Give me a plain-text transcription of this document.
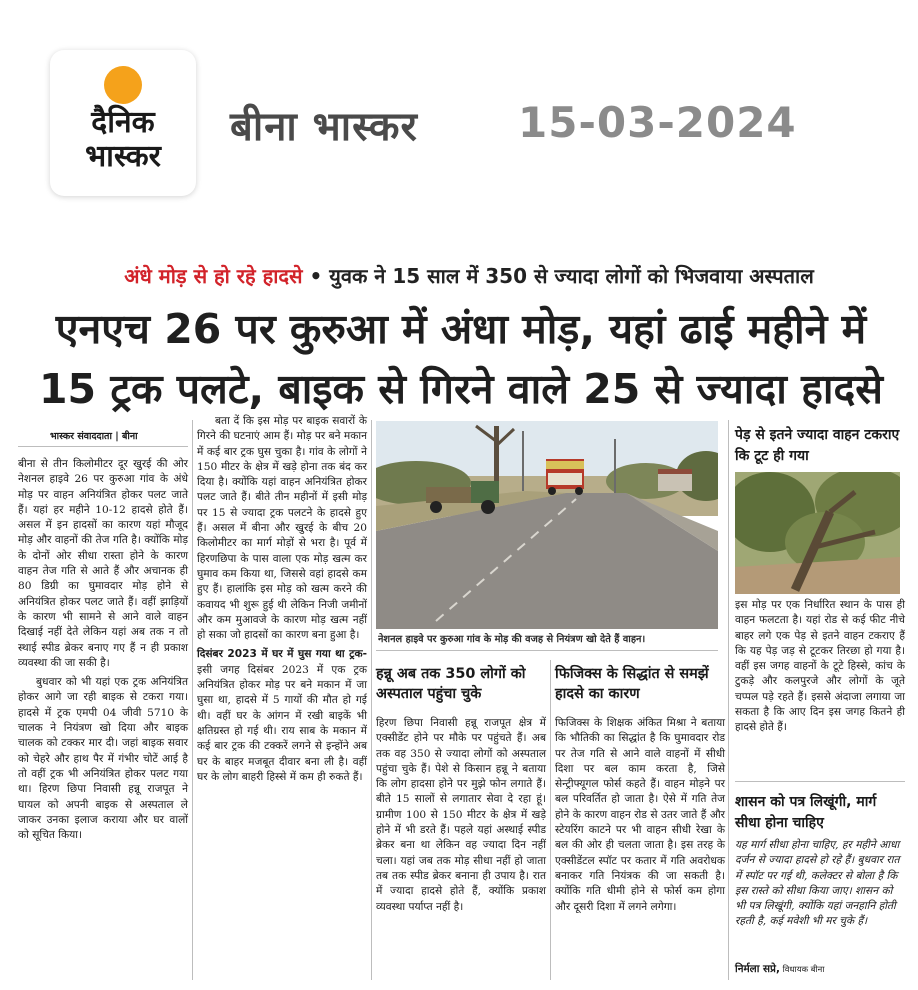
दैनिक
भास्कर
बीना भास्कर 15-03-2024
अंधे मोड़ से हो रहे हादसे • युवक ने 15 साल में 350 से ज्यादा लोगों को भिजवाया अस्पताल
एनएच 26 पर कुरुआ में अंधा मोड़, यहां ढाई महीने में
15 ट्रक पलटे, बाइक से गिरने वाले 25 से ज्यादा हादसे
भास्कर संवाददाता | बीना

बीना से तीन किलोमीटर दूर खुरई की ओर नेशनल हाइवे 26 पर कुरुआ गांव के अंधे मोड़ पर वाहन अनियंत्रित होकर पलट जाते हैं। यहां हर महीने 10-12 हादसे होते हैं। असल में इन हादसों का कारण यहां मौजूद मोड़ और वाहनों की तेज गति है। क्योंकि मोड़ के दोनों ओर सीधा रास्ता होने के कारण वाहन तेज गति से आते हैं और अचानक ही 80 डिग्री का घुमावदार मोड़ होने से अनियंत्रित होकर पलट जाते हैं। वहीं झाड़ियों के कारण भी सामने से आने वाले वाहन दिखाई नहीं देते लेकिन यहां अब तक न तो स्थाई स्पीड ब्रेकर बनाए गए हैं न ही प्रकाश व्यवस्था की जा सकी है।

बुधवार को भी यहां एक ट्रक अनियंत्रित होकर आगे जा रही बाइक से टकरा गया। हादसे में ट्रक एमपी 04 जीवी 5710 के चालक ने नियंत्रण खो दिया और बाइक चालक को टक्कर मार दी। जहां बाइक सवार को चेहरे और हाथ पैर में गंभीर चोटें आई है तो वहीं ट्रक भी अनियंत्रित होकर पलट गया था। हिरण छिपा निवासी हन्नू राजपूत ने घायल को अपनी बाइक से अस्पताल ले जाकर उनका इलाज कराया और घर वालों को सूचित किया।

बता दें कि इस मोड़ पर बाइक सवारों के गिरने की घटनाएं आम हैं। मोड़ पर बने मकान में कई बार ट्रक घुस चुका है। गांव के लोगों ने 150 मीटर के क्षेत्र में खड़े होना तक बंद कर दिया है। क्योंकि यहां वाहन अनियंत्रित होकर पलट जाते हैं। बीते तीन महीनों में इसी मोड़ पर 15 से ज्यादा ट्रक पलटने के हादसे हुए हैं। असल में बीना और खुरई के बीच 20 किलोमीटर का मार्ग मोड़ों से भरा है। पूर्व में हिरणछिपा के पास वाला एक मोड़ खत्म कर घुमाव कम किया था, जिससे वहां हादसे कम हुए हैं। हालांकि इस मोड़ को खत्म करने की कवायद भी शुरू हुई थी लेकिन निजी जमीनों और कम मुआवजे के कारण मोड़ खत्म नहीं हो सका जो हादसों का कारण बना हुआ है।

दिसंबर 2023 में घर में घुस गया था ट्रक- इसी जगह दिसंबर 2023 में एक ट्रक अनियंत्रित होकर मोड़ पर बने मकान में जा घुसा था, हादसे में 5 गायों की मौत हो गई थी। वहीं घर के आंगन में रखी बाइकें भी क्षतिग्रस्त हो गई थी। राय साब के मकान में कई बार ट्रक की टक्करें लगने से इन्होंने अब घर के बाहर मजबूत दीवार बना ली है। वहीं घर के लोग बाहरी हिस्से में कम ही रुकते हैं।

नेशनल हाइवे पर कुरुआ गांव के मोड़ की वजह से नियंत्रण खो देते हैं वाहन।
हन्नू अब तक 350 लोगों को अस्पताल पहुंचा चुके
हिरण छिपा निवासी हन्नू राजपूत क्षेत्र में एक्सीडेंट होने पर मौके पर पहुंचते हैं। अब तक वह 350 से ज्यादा लोगों को अस्पताल पहुंचा चुके हैं। पेशे से किसान हन्नू ने बताया कि लोग हादसा होने पर मुझे फोन लगाते हैं। बीते 15 सालों से लगातार सेवा दे रहा हूं। ग्रामीण 100 से 150 मीटर के क्षेत्र में खड़े होने में भी डरते हैं। पहले यहां अस्थाई स्पीड ब्रेकर बना था लेकिन वह ज्यादा दिन नहीं चला। यहां जब तक मोड़ सीधा नहीं हो जाता तब तक स्पीड ब्रेकर बनाना ही उपाय है। रात में ज्यादा हादसे होते हैं, क्योंकि प्रकाश व्यवस्था पर्याप्त नहीं है।
फिजिक्स के सिद्धांत से समझें हादसे का कारण
फिजिक्स के शिक्षक अंकित मिश्रा ने बताया कि भौतिकी का सिद्धांत है कि घुमावदार रोड पर तेज गति से आने वाले वाहनों में सीधी दिशा पर बल काम करता है, जिसे सेन्ट्रीफ्यूगल फोर्स कहते हैं। वाहन मोड़ने पर बल परिवर्तित हो जाता है। ऐसे में गति तेज होने के कारण वाहन रोड से उतर जाते हैं और स्टेयरिंग काटने पर भी वाहन सीधी रेखा के बल की ओर ही चलता जाता है। इस तरह के एक्सीडेंटल स्पॉट पर कतार में गति अवरोधक बनाकर गति नियंत्रक की जा सकती है। क्योंकि गति धीमी होने से फोर्स कम होगा और दूसरी दिशा में लगने लगेगा।
पेड़ से इतने ज्यादा वाहन टकराए कि टूट ही गया
इस मोड़ पर एक निर्धारित स्थान के पास ही वाहन फलटता है। यहां रोड से कई फीट नीचे बाहर लगे एक पेड़ से इतने वाहन टकराए हैं कि यह पेड़ जड़ से टूटकर तिरछा हो गया है। वहीं इस जगह वाहनों के टूटे हिस्से, कांच के टुकड़े और कलपुरजे और लोगों के जूते चप्पल पड़े रहते हैं। इससे अंदाजा लगाया जा सकता है कि आए दिन इस जगह कितने ही हादसे होते हैं।
शासन को पत्र लिखूंगी, मार्ग सीधा होना चाहिए
यह मार्ग सीधा होना चाहिए, हर महीने आधा दर्जन से ज्यादा हादसे हो रहे हैं। बुधवार रात में स्पॉट पर गई थी, कलेक्टर से बोला है कि इस रास्ते को सीधा किया जाए। शासन को भी पत्र लिखूंगी, क्योंकि यहां जनहानि होती रहती है, कई मवेशी भी मर चुके हैं।
निर्मला सप्रे, विधायक बीना
